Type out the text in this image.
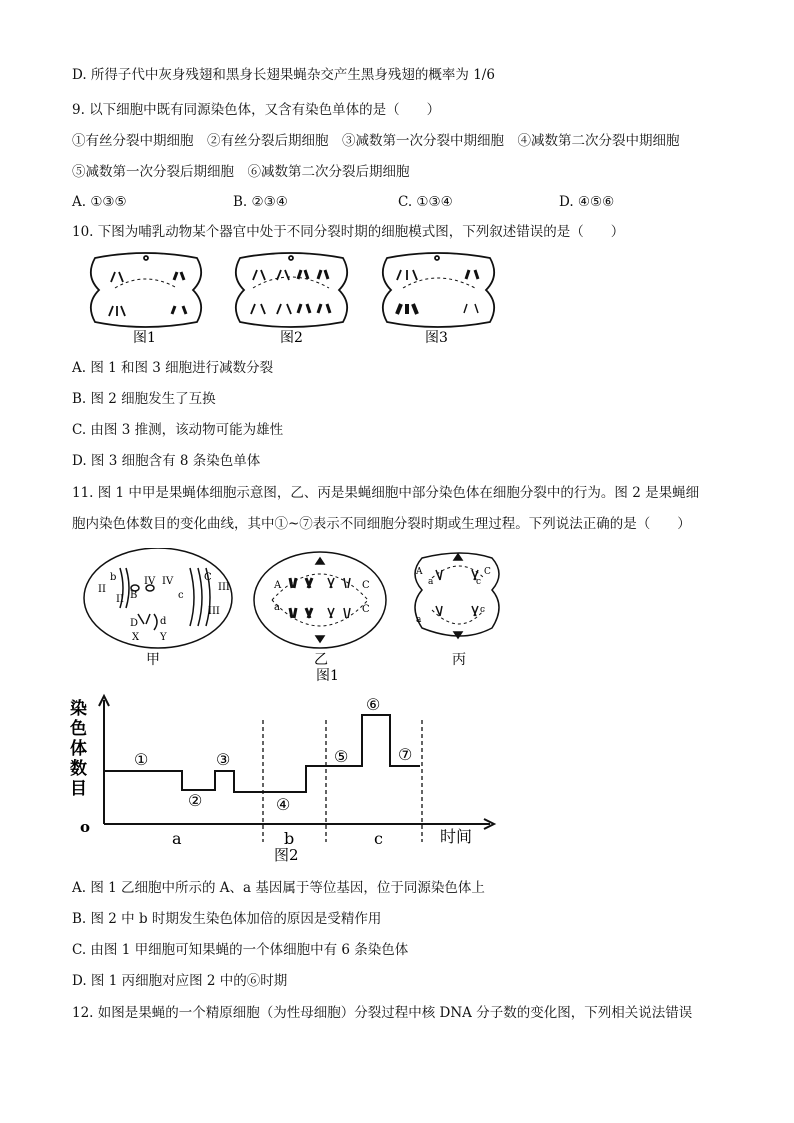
D. 所得子代中灰身残翅和黑身长翅果蝇杂交产生黑身残翅的概率为 1/6
9. 以下细胞中既有同源染色体，又含有染色单体的是（　　）
①有丝分裂中期细胞　②有丝分裂后期细胞　③减数第一次分裂中期细胞　④减数第二次分裂中期细胞
⑤减数第一次分裂后期细胞　⑥减数第二次分裂后期细胞
A. ①③⑤	B. ②③④	C. ①③④	D. ④⑤⑥
10. 下图为哺乳动物某个器官中处于不同分裂时期的细胞模式图，下列叙述错误的是（　　）
图1	图2	图3
A. 图 1 和图 3 细胞进行减数分裂
B. 图 2 细胞发生了互换
C. 由图 3 推测，该动物可能为雄性
D. 图 3 细胞含有 8 条染色单体
11. 图 1 中甲是果蝇体细胞示意图，乙、丙是果蝇细胞中部分染色体在细胞分裂中的行为。图 2 是果蝇细
胞内染色体数目的变化曲线，其中①~⑦表示不同细胞分裂时期或生理过程。下列说法正确的是（　　）
b
II
B
II
IV IV
c
C
III
III
D d
X Y
A	C
a	C
A	C
a	c
a
c
甲	乙	丙
图1
染
色
体
数
目
o
①
②
③
④
⑤
⑥
⑦
a	b	c	时间
图2
A. 图 1 乙细胞中所示的 A、a 基因属于等位基因，位于同源染色体上
B. 图 2 中 b 时期发生染色体加倍的原因是受精作用
C. 由图 1 甲细胞可知果蝇的一个体细胞中有 6 条染色体
D. 图 1 丙细胞对应图 2 中的⑥时期
12. 如图是果蝇的一个精原细胞（为性母细胞）分裂过程中核 DNA 分子数的变化图，下列相关说法错误
